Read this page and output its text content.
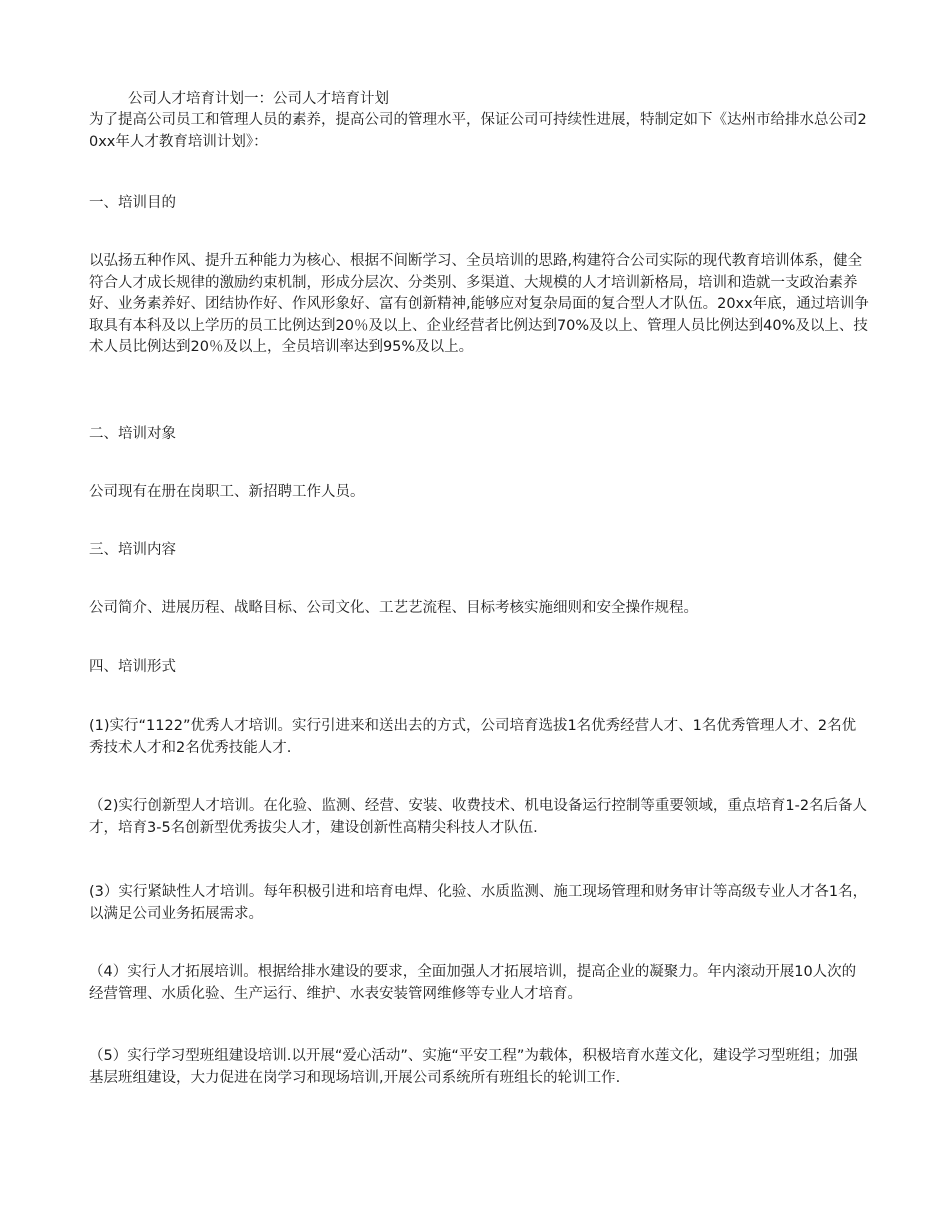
公司人才培育计划一：公司人才培育计划

为了提高公司员工和管理人员的素养，提高公司的管理水平，保证公司可持续性进展，特制定如下《达州市给排水总公司20xx年人才教育培训计划》：

一、培训目的

以弘扬五种作风、提升五种能力为核心、根据不间断学习、全员培训的思路,构建符合公司实际的现代教育培训体系，健全符合人才成长规律的激励约束机制，形成分层次、分类别、多渠道、大规模的人才培训新格局，培训和造就一支政治素养好、业务素养好、团结协作好、作风形象好、富有创新精神,能够应对复杂局面的复合型人才队伍。20xx年底，通过培训争取具有本科及以上学历的员工比例达到20％及以上、企业经营者比例达到70%及以上、管理人员比例达到40%及以上、技术人员比例达到20％及以上，全员培训率达到95%及以上。

二、培训对象

公司现有在册在岗职工、新招聘工作人员。

三、培训内容

公司简介、进展历程、战略目标、公司文化、工艺艺流程、目标考核实施细则和安全操作规程。

四、培训形式

(1)实行“1122”优秀人才培训。实行引进来和送出去的方式，公司培育选拔1名优秀经营人才、1名优秀管理人才、2名优秀技术人才和2名优秀技能人才.

（2)实行创新型人才培训。在化验、监测、经营、安装、收费技术、机电设备运行控制等重要领域，重点培育1-2名后备人才，培育3-5名创新型优秀拔尖人才，建设创新性高精尖科技人才队伍.

(3）实行紧缺性人才培训。每年积极引进和培育电焊、化验、水质监测、施工现场管理和财务审计等高级专业人才各1名，以满足公司业务拓展需求。

（4）实行人才拓展培训。根据给排水建设的要求，全面加强人才拓展培训，提高企业的凝聚力。年内滚动开展10人次的经营管理、水质化验、生产运行、维护、水表安装管网维修等专业人才培育。

（5）实行学习型班组建设培训.以开展“爱心活动”、实施“平安工程”为载体，积极培育水莲文化，建设学习型班组；加强基层班组建设，大力促进在岗学习和现场培训,开展公司系统所有班组长的轮训工作.
